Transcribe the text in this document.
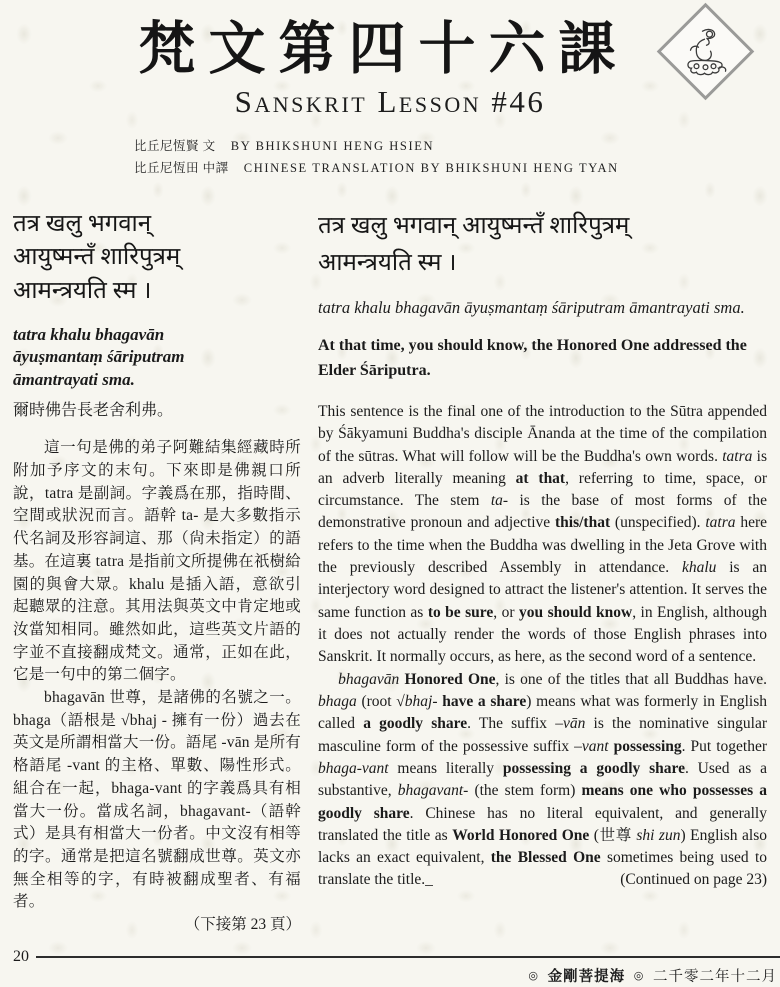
梵文第四十六課
Sanskrit Lesson #46
比丘尼恆賢 文 BY BHIKSHUNI HENG HSIEN
比丘尼恆田 中譯 CHINESE TRANSLATION BY BHIKSHUNI HENG TYAN
तत्र खलु भगवान्
आयुष्मन्तँ शारिपुत्रम्
आमन्त्रयति स्म ।
tatra khalu bhagavān
āyuṣmantaṃ śāriputram
āmantrayati sma.
爾時佛告長老舍利弗。

這一句是佛的弟子阿難結集經藏時所附加予序文的末句。下來即是佛親口所說，tatra 是副詞。字義爲在那，指時間、空間或狀況而言。語幹 ta- 是大多數指示代名詞及形容詞這、那（尙未指定）的語基。在這裏 tatra 是指前文所提佛在祇樹給園的與會大眾。khalu 是插入語，意欲引起聽眾的注意。其用法與英文中肯定地或汝當知相同。雖然如此，這些英文片語的字並不直接翻成梵文。通常，正如在此，它是一句中的第二個字。

bhagavān 世尊，是諸佛的名號之一。bhaga（語根是 √bhaj - 擁有一份）過去在英文是所謂相當大一份。語尾 -vān 是所有格語尾 -vant 的主格、單數、陽性形式。組合在一起，bhaga-vant 的字義爲具有相當大一份。當成名詞，bhagavant-（語幹式）是具有相當大一份者。中文沒有相等的字。通常是把這名號翻成世尊。英文亦無全相等的字，有時被翻成聖者、有福者。

（下接第 23 頁）
तत्र खलु भगवान् आयुष्मन्तँ शारिपुत्रम्
आमन्त्रयति स्म ।
tatra khalu bhagavān āyuṣmantaṃ śāriputram āmantrayati sma.
At that time, you should know, the Honored One addressed the Elder Śāriputra.

This sentence is the final one of the introduction to the Sūtra appended by Śākyamuni Buddha's disciple Ānanda at the time of the compilation of the sūtras. What will follow will be the Buddha's own words. tatra is an adverb literally meaning at that, referring to time, space, or circumstance. The stem ta- is the base of most forms of the demonstrative pronoun and adjective this/that (unspecified). tatra here refers to the time when the Buddha was dwelling in the Jeta Grove with the previously described Assembly in attendance. khalu is an interjectory word designed to attract the listener's attention. It serves the same function as to be sure, or you should know, in English, although it does not actually render the words of those English phrases into Sanskrit. It normally occurs, as here, as the second word of a sentence.

bhagavān Honored One, is one of the titles that all Buddhas have. bhaga (root √bhaj- have a share) means what was formerly in English called a goodly share. The suffix –vān is the nominative singular masculine form of the possessive suffix –vant possessing. Put together bhaga-vant means literally possessing a goodly share. Used as a substantive, bhagavant- (the stem form) means one who possesses a goodly share. Chinese has no literal equivalent, and generally translated the title as World Honored One (世尊 shi zun) English also lacks an exact equivalent, the Blessed One sometimes being used to translate the title._	(Continued on page 23)
20
◎ 金剛菩提海 ◎ 二千零二年十二月
